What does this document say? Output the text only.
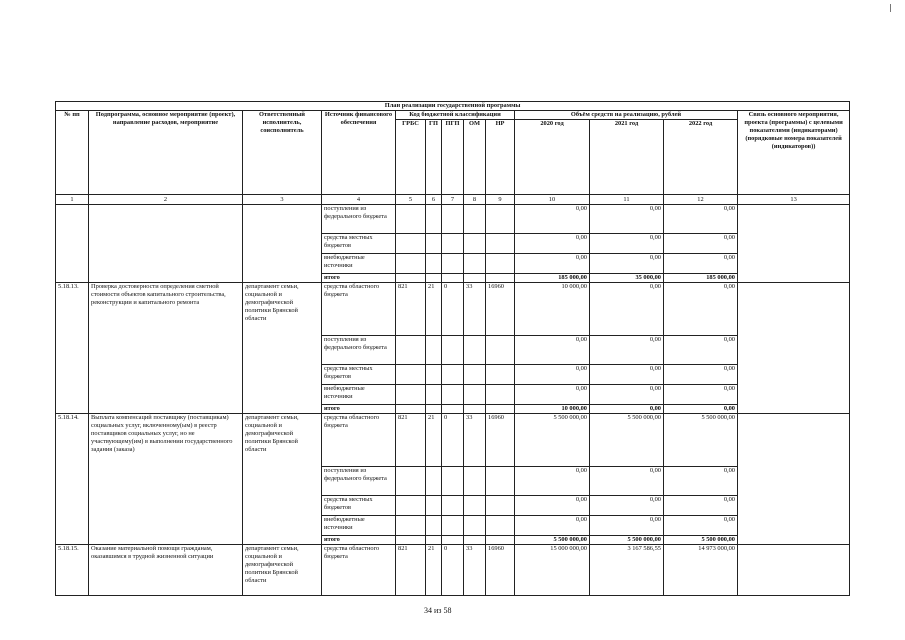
План реализации государственной программы												
№ пп	Подпрограмма, основное мероприятие (проект), направление расходов, мероприятие	Ответственный исполнитель, соисполнитель	Источник финансового обеспечения	Код бюджетной классификации					Объём средств на реализацию, рублей			Связь основного мероприятия, проекта (программы) с целевыми показателями (индикаторами) (порядковые номера показателей (индикаторов))
				ГРБС	ГП	ПГП	ОМ	НР	2020 год	2021 год	2022 год	
1	2	3	4	5	6	7	8	9	10	11	12	13
			поступления из федерального бюджета						0,00	0,00	0,00	
			средства местных бюджетов						0,00	0,00	0,00	
			внебюджетные источники						0,00	0,00	0,00	
			итого						185 000,00	35 000,00	185 000,00	
5.18.13.	Проверка достоверности определения сметной стоимости объектов капитального строительства, реконструкции и капитального ремонта	департамент семьи, социальной и демографической политики Брянской области	средства областного бюджета	821	21	0	33	16960	10 000,00	0,00	0,00	
			поступления из федерального бюджета						0,00	0,00	0,00	
			средства местных бюджетов						0,00	0,00	0,00	
			внебюджетные источники						0,00	0,00	0,00	
			итого						10 000,00	0,00	0,00	
5.18.14.	Выплата компенсаций поставщику (поставщикам) социальных услуг, включенному(ым) в реестр поставщиков социальных услуг, но не участвующему(им) в выполнении государственного задания (заказа)	департамент семьи, социальной и демографической политики Брянской области	средства областного бюджета	821	21	0	33	16960	5 500 000,00	5 500 000,00	5 500 000,00	
			поступления из федерального бюджета						0,00	0,00	0,00	
			средства местных бюджетов						0,00	0,00	0,00	
			внебюджетные источники						0,00	0,00	0,00	
			итого						5 500 000,00	5 500 000,00	5 500 000,00	
5.18.15.	Оказание материальной помощи гражданам, оказавшимся в трудной жизненной ситуации	департамент семьи, социальной и демографической политики Брянской области	средства областного бюджета	821	21	0	33	16960	15 000 000,00	3 167 586,55	14 973 000,00	
34 из 58
